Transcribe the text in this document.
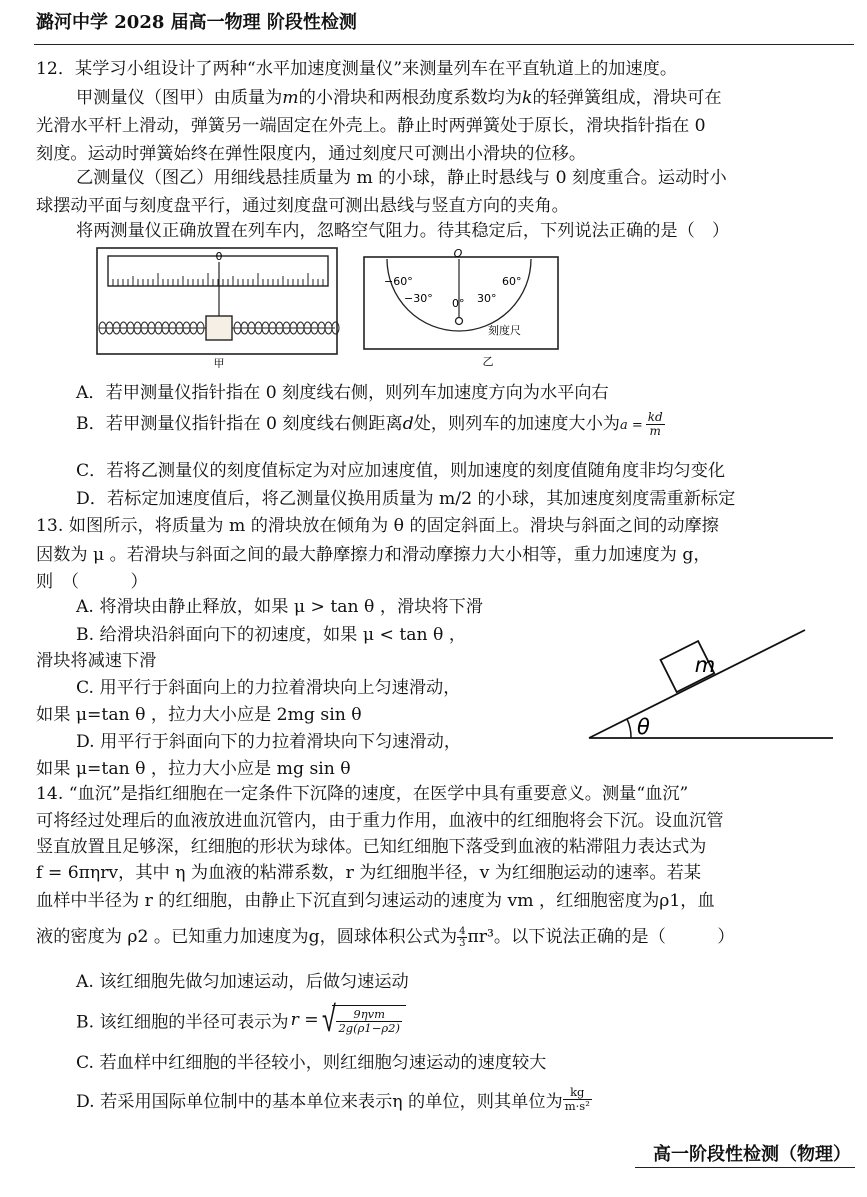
潞河中学 2028 届高一物理 阶段性检测
12．某学习小组设计了两种“水平加速度测量仪”来测量列车在平直轨道上的加速度。
甲测量仪（图甲）由质量为m的小滑块和两根劲度系数均为k的轻弹簧组成，滑块可在
光滑水平杆上滑动，弹簧另一端固定在外壳上。静止时两弹簧处于原长，滑块指针指在 0
刻度。运动时弹簧始终在弹性限度内，通过刻度尺可测出小滑块的位移。
乙测量仪（图乙）用细线悬挂质量为 m 的小球，静止时悬线与 0 刻度重合。运动时小
球摆动平面与刻度盘平行，通过刻度盘可测出悬线与竖直方向的夹角。
将两测量仪正确放置在列车内，忽略空气阻力。待其稳定后，下列说法正确的是（　）
0
甲
O
−60°	60°
−30°	30°
0°
刻度尺
乙
A．若甲测量仪指针指在 0 刻度线右侧，则列车加速度方向为水平向右
B．若甲测量仪指针指在 0 刻度线右侧距离d处，则列车的加速度大小为$a = \frac{kd}{m}$
C．若将乙测量仪的刻度值标定为对应加速度值，则加速度的刻度值随角度非均匀变化
D．若标定加速度值后，将乙测量仪换用质量为 m/2 的小球，其加速度刻度需重新标定
13. 如图所示，将质量为 m 的滑块放在倾角为 θ 的固定斜面上。滑块与斜面之间的动摩擦
因数为 μ 。若滑块与斜面之间的最大静摩擦力和滑动摩擦力大小相等，重力加速度为 g，
则　（　　　）
A. 将滑块由静止释放，如果 μ > tan θ ，滑块将下滑
B. 给滑块沿斜面向下的初速度，如果 μ < tan θ ，
滑块将减速下滑
C. 用平行于斜面向上的力拉着滑块向上匀速滑动，
如果 μ=tan θ ，拉力大小应是 2mg sin θ
D. 用平行于斜面向下的力拉着滑块向下匀速滑动，
如果 μ=tan θ ，拉力大小应是 mg sin θ
m
θ
14. “血沉”是指红细胞在一定条件下沉降的速度，在医学中具有重要意义。测量“血沉”
可将经过处理后的血液放进血沉管内，由于重力作用，血液中的红细胞将会下沉。设血沉管
竖直放置且足够深，红细胞的形状为球体。已知红细胞下落受到血液的粘滞阻力表达式为
f = 6πηrv，其中 η 为血液的粘滞系数，r 为红细胞半径，v 为红细胞运动的速率。若某
血样中半径为 r 的红细胞，由静止下沉直到匀速运动的速度为 vm ，红细胞密度为ρ1，血
液的密度为 ρ2 。已知重力加速度为g，圆球体积公式为 $\frac{4}{3} \pi r^3$。以下说法正确的是（　　　）
A. 该红细胞先做匀加速运动，后做匀速运动
B. 该红细胞的半径可表示为 r =√ $\frac{\text{9ηvm}}{2g(\rho 1-\rho 2)}$
C. 若血样中红细胞的半径较小，则红细胞匀速运动的速度较大
D. 若采用国际单位制中的基本单位来表示η 的单位，则其单位为 $\frac{kg}{\text{m·s²}}$
高一阶段性检测（物理）
